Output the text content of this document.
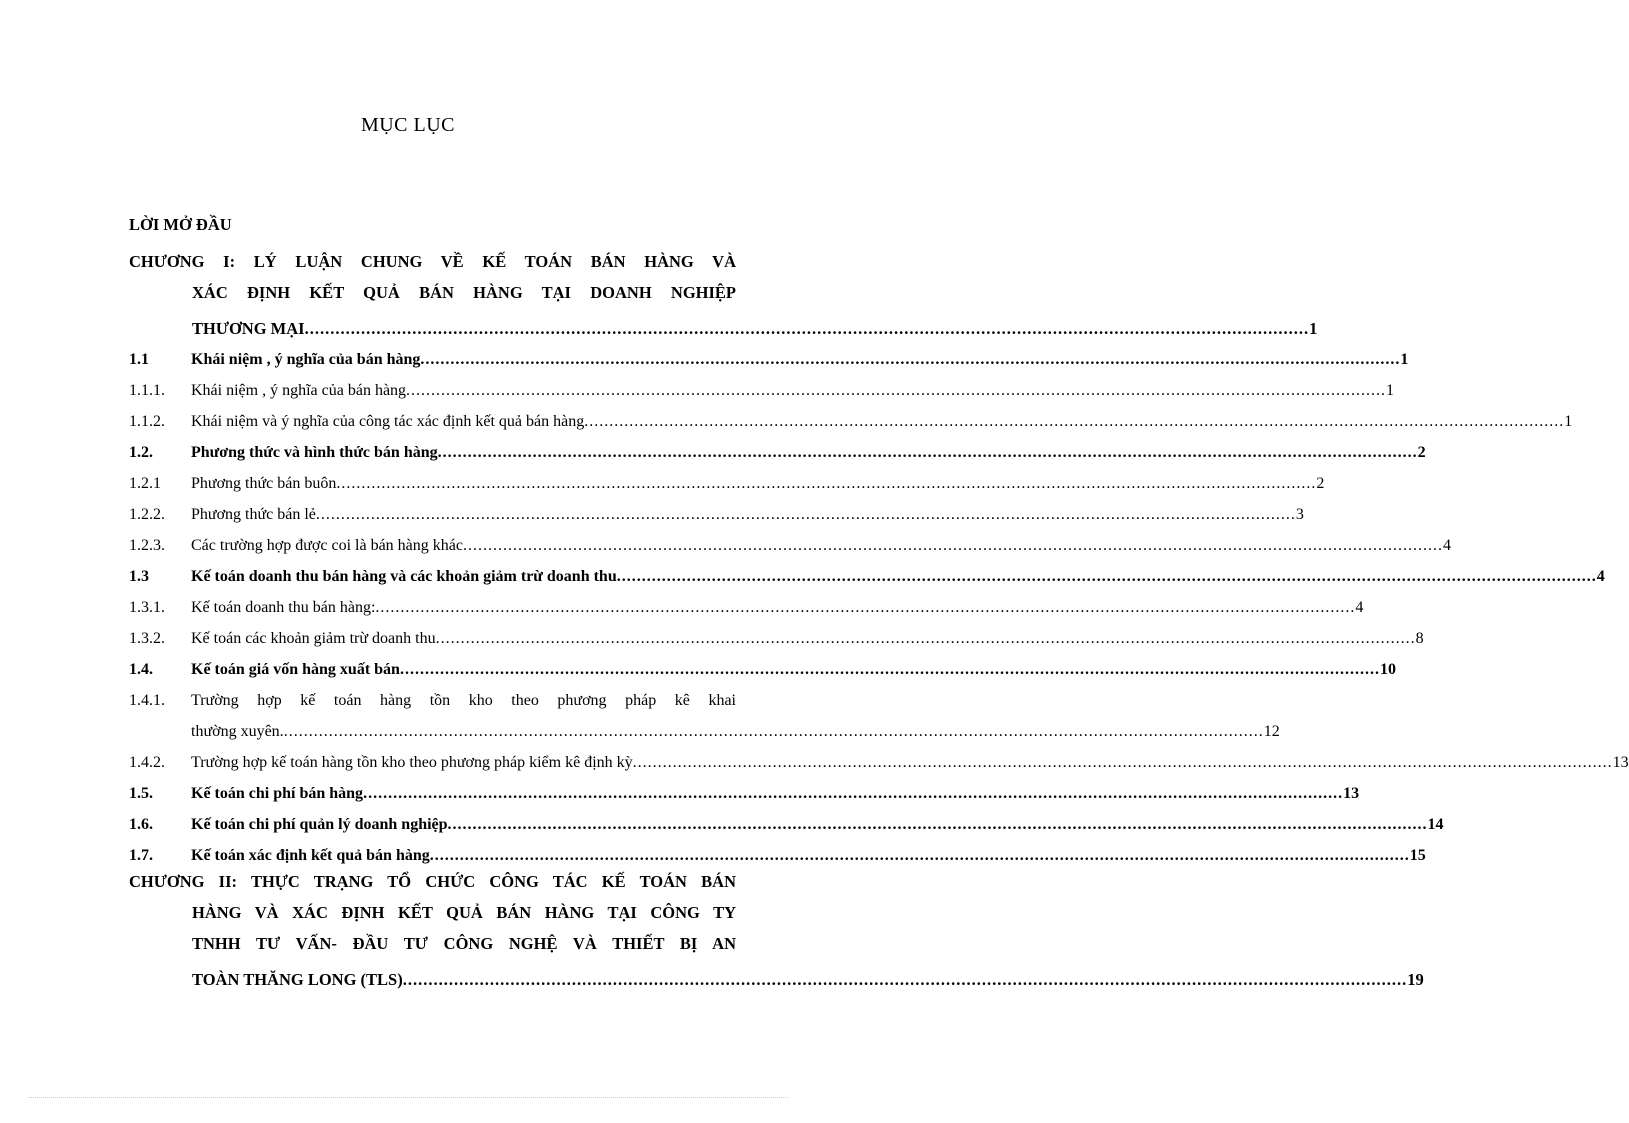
MỤC LỤC
LỜI MỞ ĐẦU
CHƯƠNG I: LÝ LUẬN CHUNG VỀ KẾ TOÁN BÁN HÀNG VÀ
XÁC ĐỊNH KẾT QUẢ BÁN HÀNG TẠI DOANH NGHIỆP
THƯƠNG MẠI .....	1
1.1	Khái niệm , ý nghĩa của bán hàng .....	1
1.1.1.	Khái niệm , ý nghĩa của bán hàng .....	1
1.1.2.	Khái niệm và ý nghĩa của công tác xác định kết quả bán hàng .....	1
1.2.	Phương thức và hình thức bán hàng .....	2
1.2.1	Phương thức bán buôn .....	2
1.2.2.	Phương thức bán lẻ .....	3
1.2.3.	Các trường hợp được coi là bán hàng khác .....	4
1.3	Kế toán doanh thu bán hàng và các khoản giảm trừ doanh thu .....	4
1.3.1.	Kế toán doanh thu bán hàng: .....	4
1.3.2.	Kế toán các khoản giảm trừ doanh thu .....	8
1.4.	Kế toán giá vốn hàng xuất bán .....	10
1.4.1.	Trường hợp kế toán hàng tồn kho theo phương pháp kê khai
thường xuyên. .....	12
1.4.2.	Trường hợp kế toán hàng tồn kho theo phương pháp kiểm kê định kỳ .....	13
1.5.	Kế toán chi phí bán hàng .....	13
1.6.	Kế toán chi phí quản lý doanh nghiệp .....	14
1.7.	Kế toán xác định kết quả bán hàng .....	15
CHƯƠNG II: THỰC TRẠNG TỔ CHỨC CÔNG TÁC KẾ TOÁN BÁN
HÀNG VÀ XÁC ĐỊNH KẾT QUẢ BÁN HÀNG TẠI CÔNG TY
TNHH TƯ VẤN- ĐẦU TƯ CÔNG NGHỆ VÀ THIẾT BỊ AN
TOÀN THĂNG LONG (TLS) .....	19
